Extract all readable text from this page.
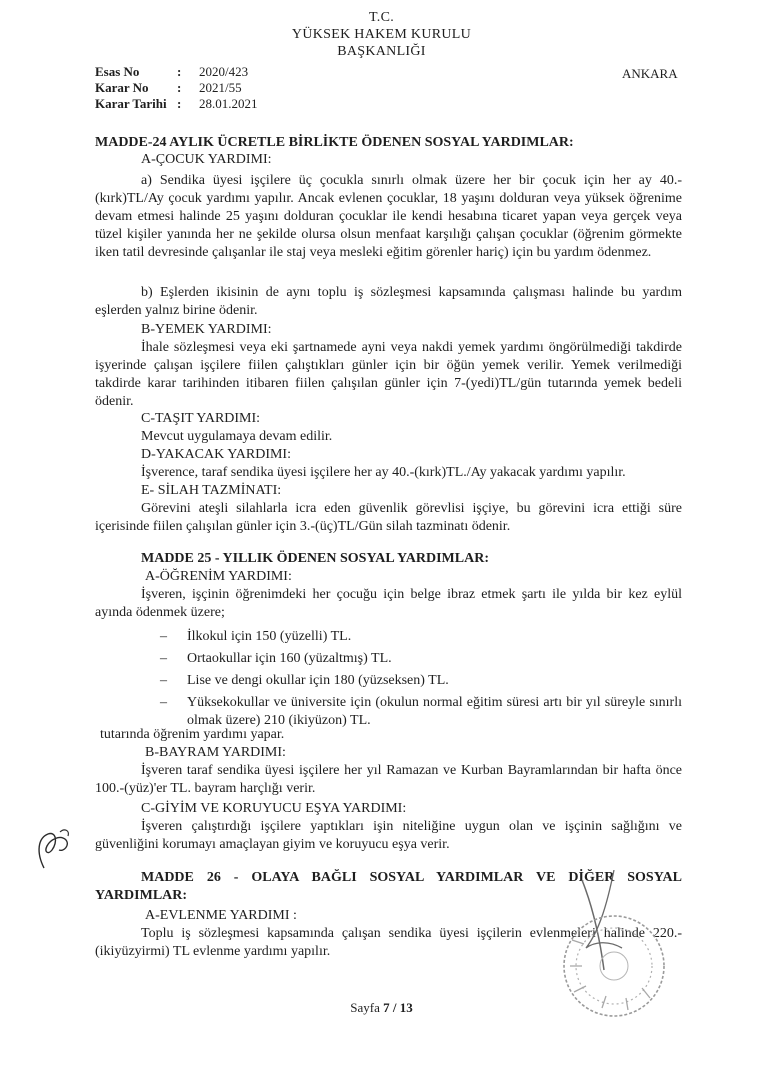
T.C.
YÜKSEK HAKEM KURULU
BAŞKANLIĞI
Esas No	:	2020/423
Karar No	:	2021/55
Karar Tarihi :	28.01.2021
ANKARA
MADDE-24 AYLIK ÜCRETLE BİRLİKTE ÖDENEN SOSYAL YARDIMLAR:
A-ÇOCUK YARDIMI:
a) Sendika üyesi işçilere üç çocukla sınırlı olmak üzere her bir çocuk için her ay 40.-(kırk)TL/Ay çocuk yardımı yapılır. Ancak evlenen çocuklar, 18 yaşını dolduran veya yüksek öğrenime devam etmesi halinde 25 yaşını dolduran çocuklar ile kendi hesabına ticaret yapan veya gerçek veya tüzel kişiler yanında her ne şekilde olursa olsun menfaat karşılığı çalışan çocuklar (öğrenim görmekte iken tatil devresinde çalışanlar ile staj veya mesleki eğitim görenler hariç) için bu yardım ödenmez.
b) Eşlerden ikisinin de aynı toplu iş sözleşmesi kapsamında çalışması halinde bu yardım eşlerden yalnız birine ödenir.
B-YEMEK YARDIMI:
İhale sözleşmesi veya eki şartnamede ayni veya nakdi yemek yardımı öngörülmediği takdirde işyerinde çalışan işçilere fiilen çalıştıkları günler için bir öğün yemek verilir. Yemek verilmediği takdirde karar tarihinden itibaren fiilen çalışılan günler için 7-(yedi)TL/gün tutarında yemek bedeli ödenir.
C-TAŞIT YARDIMI:
Mevcut uygulamaya devam edilir.
D-YAKACAK YARDIMI:
İşverence, taraf sendika üyesi işçilere her ay 40.-(kırk)TL./Ay yakacak yardımı yapılır.
E- SİLAH TAZMİNATI:
Görevini ateşli silahlarla icra eden güvenlik görevlisi işçiye, bu görevini icra ettiği süre içerisinde fiilen çalışılan günler için 3.-(üç)TL/Gün silah tazminatı ödenir.
MADDE 25 - YILLIK ÖDENEN SOSYAL YARDIMLAR:
A-ÖĞRENİM YARDIMI:
İşveren, işçinin öğrenimdeki her çocuğu için belge ibraz etmek şartı ile yılda bir kez eylül ayında ödenmek üzere;
– İlkokul için 150 (yüzelli) TL.
– Ortaokullar için 160 (yüzaltmış) TL.
– Lise ve dengi okullar için 180 (yüzseksen) TL.
– Yüksekokullar ve üniversite için (okulun normal eğitim süresi artı bir yıl süreyle sınırlı olmak üzere) 210 (ikiyüzon) TL.
tutarında öğrenim yardımı yapar.
B-BAYRAM YARDIMI:
İşveren taraf sendika üyesi işçilere her yıl Ramazan ve Kurban Bayramlarından bir hafta önce 100.-(yüz)'er TL. bayram harçlığı verir.
C-GİYİM VE KORUYUCU EŞYA YARDIMI:
İşveren çalıştırdığı işçilere yaptıkları işin niteliğine uygun olan ve işçinin sağlığını ve güvenliğini korumayı amaçlayan giyim ve koruyucu eşya verir.
MADDE 26 - OLAYA BAĞLI SOSYAL YARDIMLAR VE DİĞER SOSYAL YARDIMLAR:
A-EVLENME YARDIMI :
Toplu iş sözleşmesi kapsamında çalışan sendika üyesi işçilerin evlenmeleri halinde 220.-(ikiyüzyirmi) TL evlenme yardımı yapılır.
Sayfa 7 / 13
